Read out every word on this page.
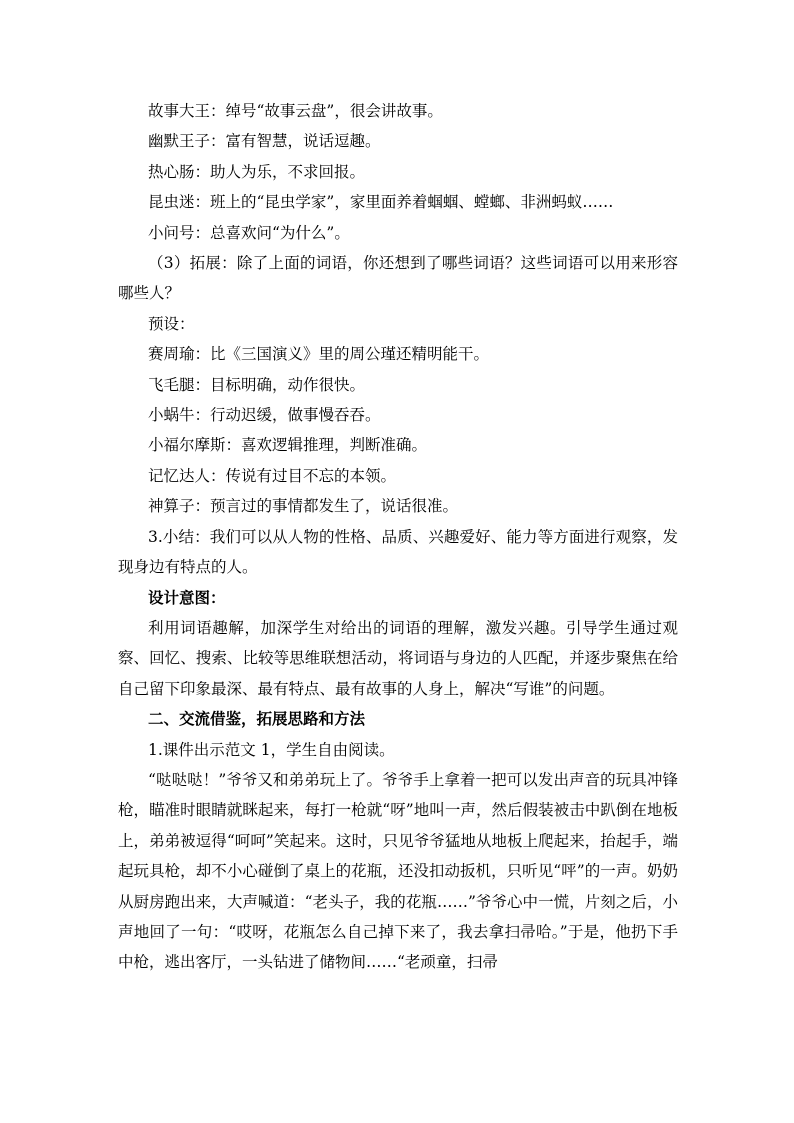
故事大王：绰号“故事云盘”，很会讲故事。

幽默王子：富有智慧，说话逗趣。

热心肠：助人为乐，不求回报。

昆虫迷：班上的“昆虫学家”，家里面养着蝈蝈、螳螂、非洲蚂蚁……

小问号：总喜欢问“为什么”。

（3）拓展：除了上面的词语，你还想到了哪些词语？这些词语可以用来形容哪些人？

预设：

赛周瑜：比《三国演义》里的周公瑾还精明能干。

飞毛腿：目标明确，动作很快。

小蜗牛：行动迟缓，做事慢吞吞。

小福尔摩斯：喜欢逻辑推理，判断准确。

记忆达人：传说有过目不忘的本领。

神算子：预言过的事情都发生了，说话很准。

3.小结：我们可以从人物的性格、品质、兴趣爱好、能力等方面进行观察，发现身边有特点的人。

设计意图：

利用词语趣解，加深学生对给出的词语的理解，激发兴趣。引导学生通过观察、回忆、搜索、比较等思维联想活动，将词语与身边的人匹配，并逐步聚焦在给自己留下印象最深、最有特点、最有故事的人身上，解决“写谁”的问题。

二、交流借鉴，拓展思路和方法

1.课件出示范文 1，学生自由阅读。

“哒哒哒！”爷爷又和弟弟玩上了。爷爷手上拿着一把可以发出声音的玩具冲锋枪，瞄准时眼睛就眯起来，每打一枪就“呀”地叫一声，然后假装被击中趴倒在地板上，弟弟被逗得“呵呵”笑起来。这时，只见爷爷猛地从地板上爬起来，抬起手，端起玩具枪，却不小心碰倒了桌上的花瓶，还没扣动扳机，只听见“呯”的一声。奶奶从厨房跑出来，大声喊道：“老头子，我的花瓶……”爷爷心中一慌，片刻之后，小声地回了一句：“哎呀，花瓶怎么自己掉下来了，我去拿扫帚哈。”于是，他扔下手中枪，逃出客厅，一头钻进了储物间……“老顽童，扫帚
